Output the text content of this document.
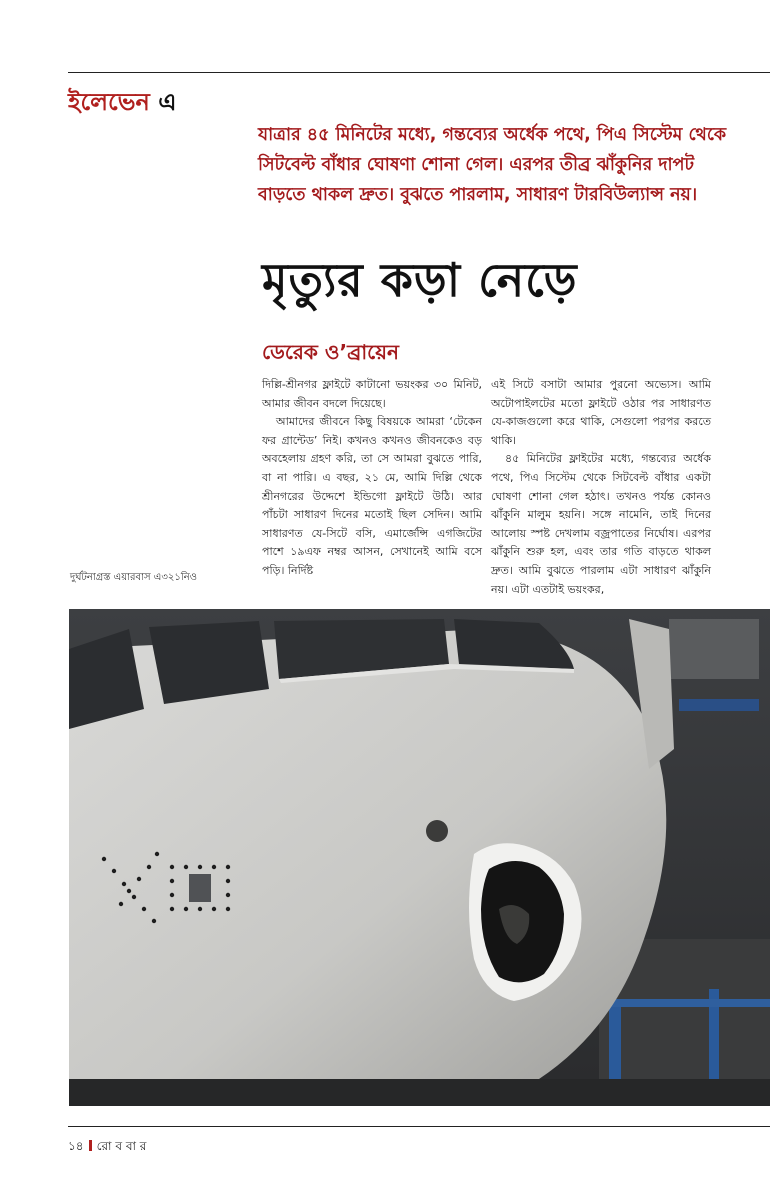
ইলেভেন এ
যাত্রার ৪৫ মিনিটের মধ্যে, গন্তব্যের অর্ধেক পথে, পিএ সিস্টেম থেকে সিটবেল্ট বাঁধার ঘোষণা শোনা গেল। এরপর তীব্র ঝাঁকুনির দাপট বাড়তে থাকল দ্রুত। বুঝতে পারলাম, সাধারণ টারবিউল্যান্স নয়।
মৃত্যুর কড়া নেড়ে
ডেরেক ও’ব্রায়েন

দিল্লি-শ্রীনগর ফ্লাইটে কাটানো ভয়ংকর ৩০ মিনিট, আমার জীবন বদলে দিয়েছে।

আমাদের জীবনে কিছু বিষয়কে আমরা ‘টেকেন ফর গ্রান্টেড’ নিই। কখনও কখনও জীবনকেও বড় অবহেলায় গ্রহণ করি, তা সে আমরা বুঝতে পারি, বা না পারি। এ বছর, ২১ মে, আমি দিল্লি থেকে শ্রীনগরের উদ্দেশে ইন্ডিগো ফ্লাইটে উঠি। আর পাঁচটা সাধারণ দিনের মতোই ছিল সেদিন। আমি সাধারণত যে-সিটে বসি, এমার্জেন্সি এগজিটের পাশে ১৯এফ নম্বর আসন, সেখানেই আমি বসে পড়ি। নির্দিষ্ট

এই সিটে বসাটা আমার পুরনো অভ্যেস। আমি অটোপাইলটের মতো ফ্লাইটে ওঠার পর সাধারণত যে-কাজগুলো করে থাকি, সেগুলো পরপর করতে থাকি।

৪৫ মিনিটের ফ্লাইটের মধ্যে, গন্তব্যের অর্ধেক পথে, পিএ সিস্টেম থেকে সিটবেল্ট বাঁধার একটা ঘোষণা শোনা গেল হঠাৎ। তখনও পর্যন্ত কোনও ঝাঁকুনি মালুম হয়নি। সঙ্গে নামেনি, তাই দিনের আলোয় স্পষ্ট দেখলাম বজ্রপাতের নির্ঘোষ। এরপর ঝাঁকুনি শুরু হল, এবং তার গতি বাড়তে থাকল দ্রুত। আমি বুঝতে পারলাম এটা সাধারণ ঝাঁকুনি নয়। এটা এতটাই ভয়ংকর,

দুর্ঘটনাগ্রস্ত এয়ারবাস এ৩২১নিও
১৪ রো ব বা র
